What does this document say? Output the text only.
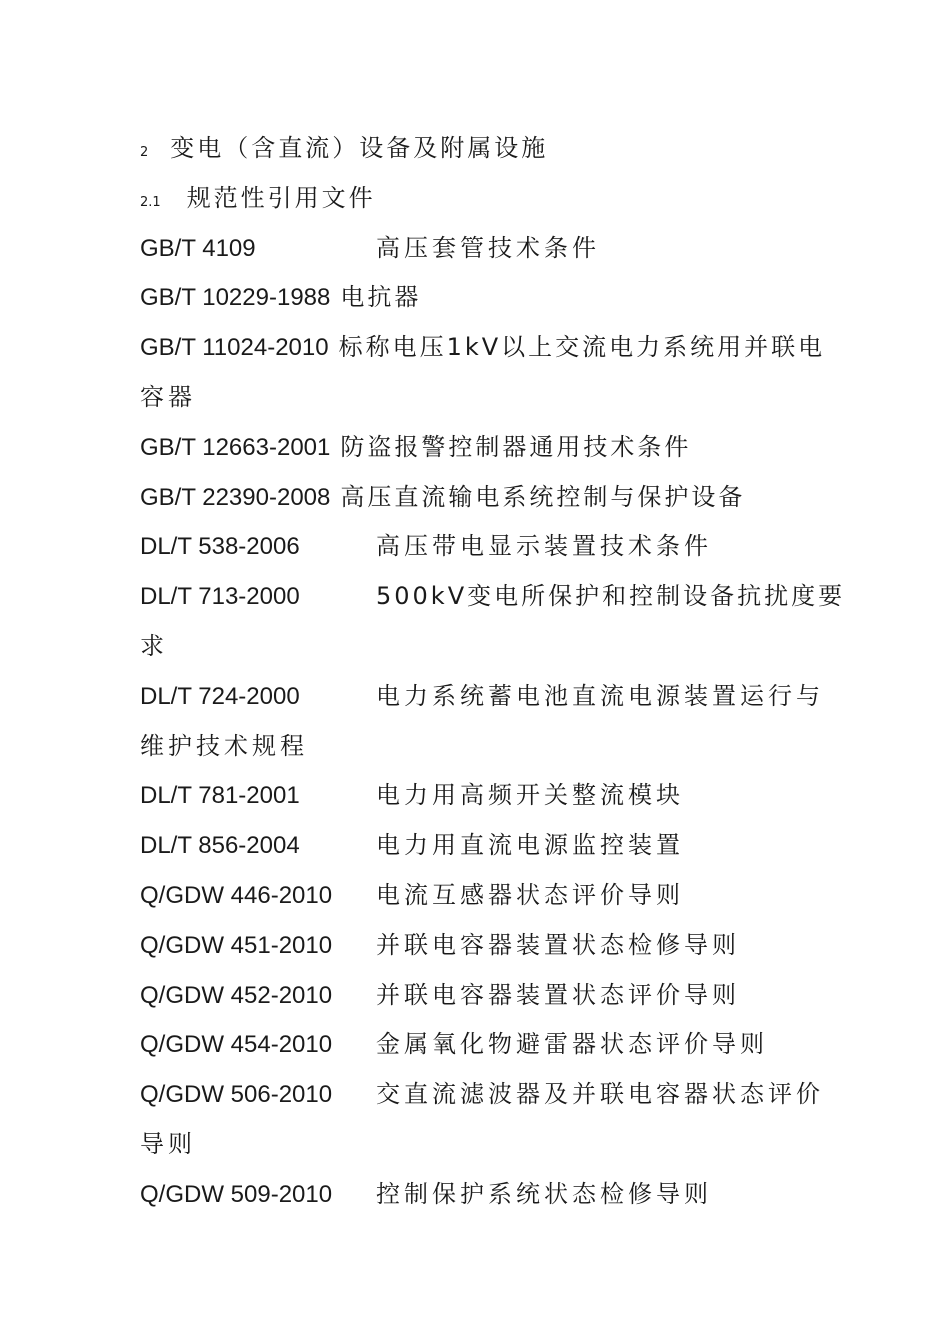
2 变电（含直流）设备及附属设施
2.1 规范性引用文件
GB/T 4109	高压套管技术条件
GB/T 10229-1988 电抗器
GB/T 11024-2010 标称电压1kV以上交流电力系统用并联电
容器
GB/T 12663-2001 防盗报警控制器通用技术条件
GB/T 22390-2008 高压直流输电系统控制与保护设备
DL/T 538-2006	高压带电显示装置技术条件
DL/T 713-2000	500kV变电所保护和控制设备抗扰度要
求
DL/T 724-2000	电力系统蓄电池直流电源装置运行与
维护技术规程
DL/T 781-2001	电力用高频开关整流模块
DL/T 856-2004	电力用直流电源监控装置
Q/GDW 446-2010 电流互感器状态评价导则
Q/GDW 451-2010 并联电容器装置状态检修导则
Q/GDW 452-2010 并联电容器装置状态评价导则
Q/GDW 454-2010 金属氧化物避雷器状态评价导则
Q/GDW 506-2010 交直流滤波器及并联电容器状态评价
导则
Q/GDW 509-2010 控制保护系统状态检修导则
